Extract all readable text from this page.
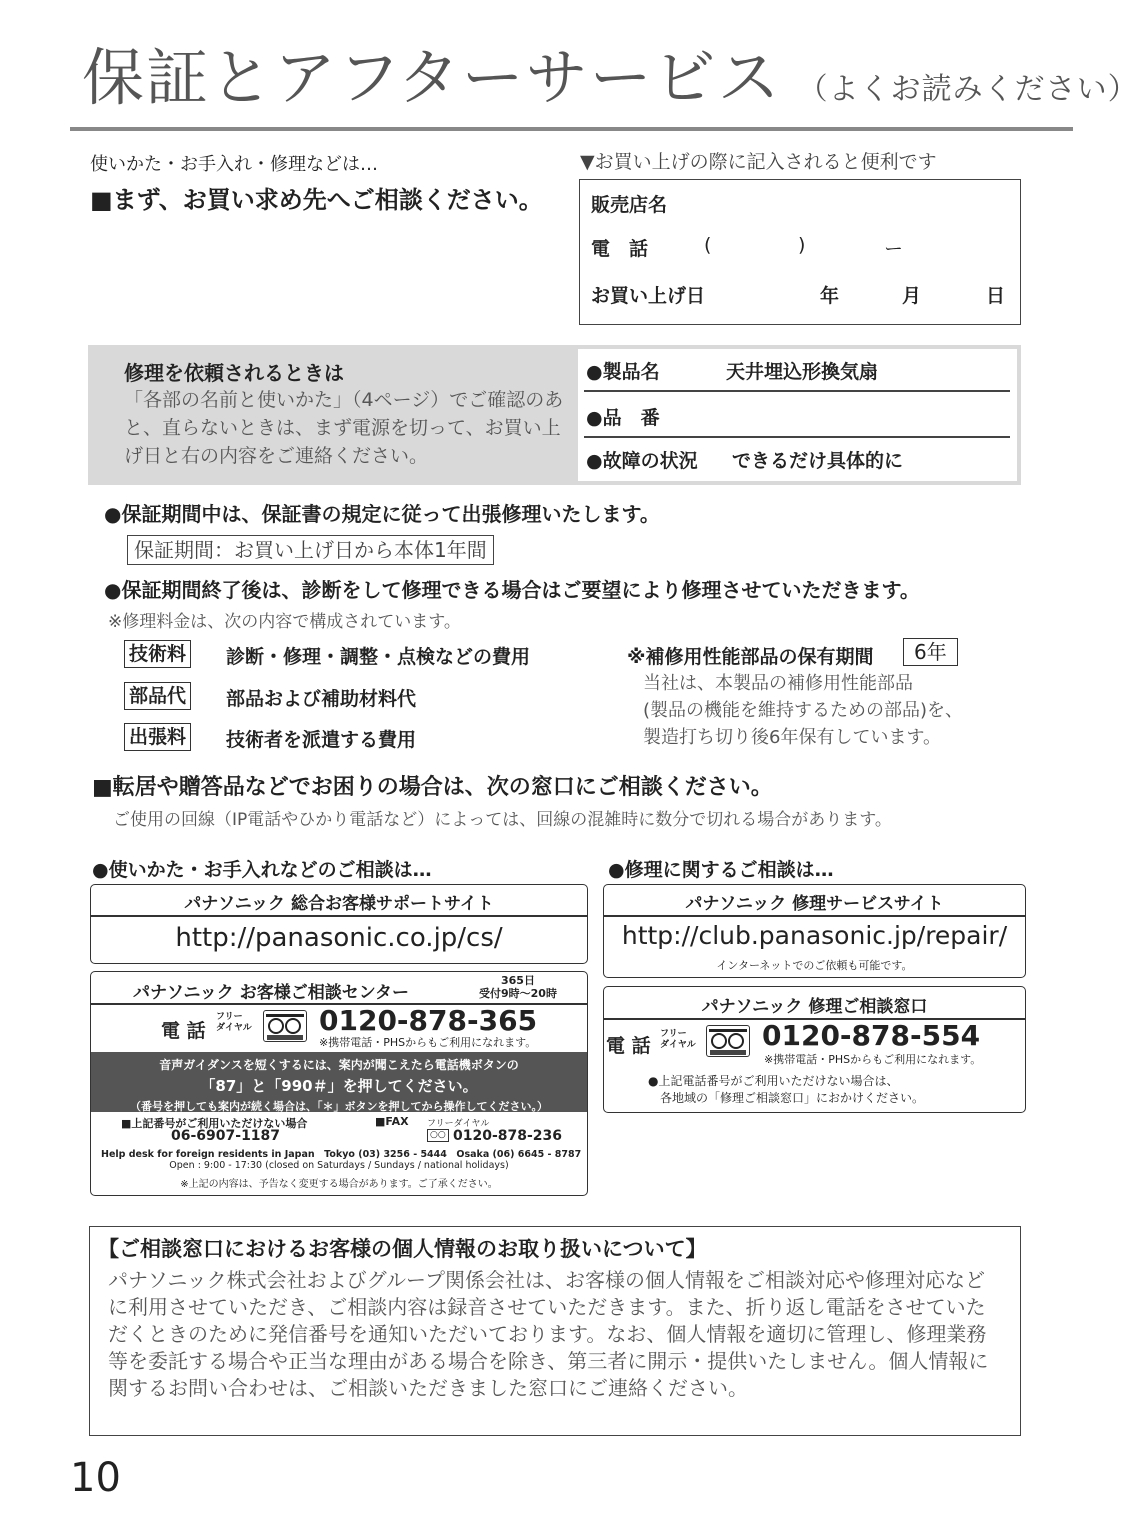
保証とアフターサービス （よくお読みください）
使いかた・お手入れ・修理などは…
■まず、お買い求め先へご相談ください。
▼お買い上げの際に記入されると便利です
販売店名
電　話	(	)	ー
お買い上げ日	年	月	日
修理を依頼されるときは
「各部の名前と使いかた」（4ページ）でご確認のあと、直らないときは、まず電源を切って、お買い上げ日と右の内容をご連絡ください。
●製品名	天井埋込形換気扇
●品　番
●故障の状況 できるだけ具体的に
●保証期間中は、保証書の規定に従って出張修理いたします。
保証期間：お買い上げ日から本体1年間
●保証期間終了後は、診断をして修理できる場合はご要望により修理させていただきます。
※修理料金は、次の内容で構成されています。
技術料 診断・修理・調整・点検などの費用
部品代 部品および補助材料代
出張料 技術者を派遣する費用
※補修用性能部品の保有期間	6年
当社は、本製品の補修用性能部品
(製品の機能を維持するための部品)を、
製造打ち切り後6年保有しています。
■転居や贈答品などでお困りの場合は、次の窓口にご相談ください。
ご使用の回線（IP電話やひかり電話など）によっては、回線の混雑時に数分で切れる場合があります。
●使いかた・お手入れなどのご相談は…
パナソニック 総合お客様サポートサイト
http://panasonic.co.jp/cs/
パナソニック お客様ご相談センター
365日
受付9時〜20時
電 話
フリー
ダイヤル 0120-878-365
※携帯電話・PHSからもご利用になれます。
音声ガイダンスを短くするには、案内が聞こえたら電話機ボタンの
「87」と「990＃」を押してください。
（番号を押しても案内が続く場合は、「＊」ボタンを押してから操作してください。）
■上記番号がご利用いただけない場合
06-6907-1187
■FAX フリーダイヤル
○○ 0120-878-236
Help desk for foreign residents in Japan　Tokyo (03) 3256 - 5444　Osaka (06) 6645 - 8787
Open : 9:00 - 17:30 (closed on Saturdays / Sundays / national holidays)
※上記の内容は、予告なく変更する場合があります。ご了承ください。
●修理に関するご相談は…
パナソニック 修理サービスサイト
http://club.panasonic.jp/repair/
インターネットでのご依頼も可能です。
パナソニック 修理ご相談窓口
電 話
フリー
ダイヤル 0120-878-554
※携帯電話・PHSからもご利用になれます。
●上記電話番号がご利用いただけない場合は、
各地域の「修理ご相談窓口」におかけください。
【ご相談窓口におけるお客様の個人情報のお取り扱いについて】
パナソニック株式会社およびグループ関係会社は、お客様の個人情報をご相談対応や修理対応などに利用させていただき、ご相談内容は録音させていただきます。また、折り返し電話をさせていただくときのために発信番号を通知いただいております。なお、個人情報を適切に管理し、修理業務等を委託する場合や正当な理由がある場合を除き、第三者に開示・提供いたしません。個人情報に関するお問い合わせは、ご相談いただきました窓口にご連絡ください。
10
